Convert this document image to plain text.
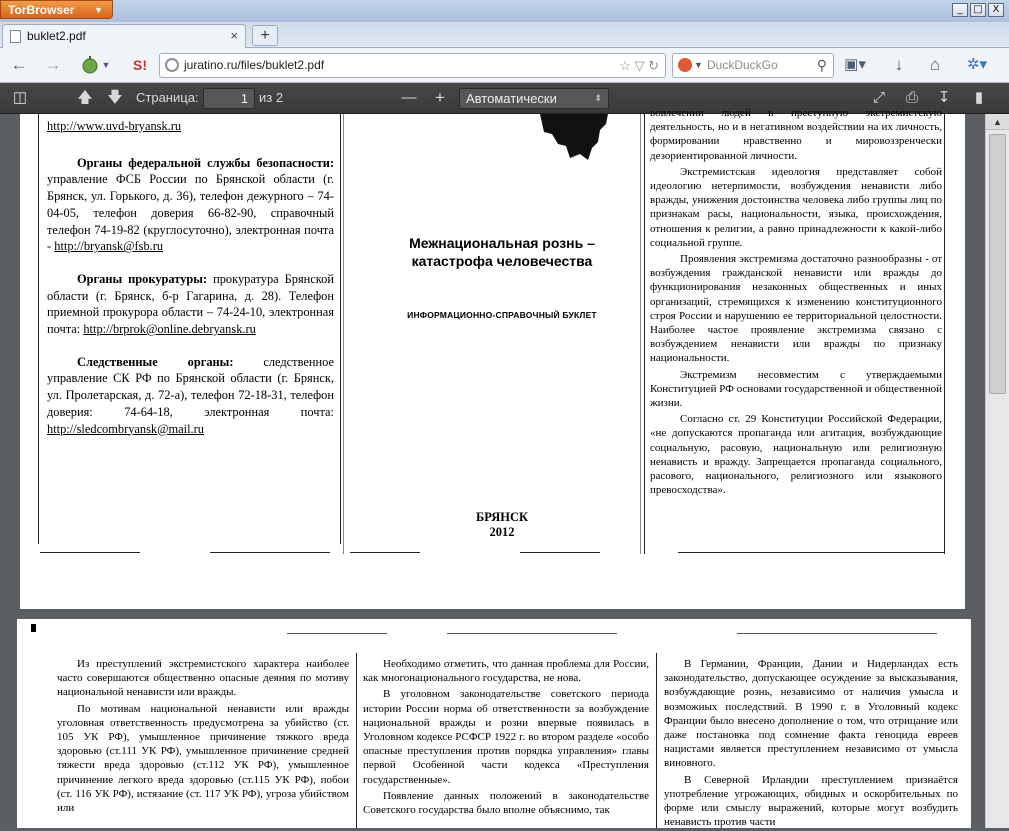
TorBrowser ▼	_	□ X
buklet2.pdf	×	+
← →	▼ S!	juratino.ru/files/buklet2.pdf	☆ ▽ ↻	▼ DuckDuckGo	⚲ ▣▾	↓	⌂	✲▾
◫	🡅 🡇 Страница:	1 из 2	— +	Автоматически	⬍	⤢ ⎙ ↧	▮

http://www.uvd-bryansk.ru

Органы федеральной службы безопасности: управление ФСБ России по Брянской области (г. Брянск, ул. Горького, д. 36), телефон дежурного – 74-04-05, телефон доверия 66-82-90, справочный телефон 74-19-82 (круглосуточно), электронная почта - http://bryansk@fsb.ru

Органы прокуратуры: прокуратура Брянской области (г. Брянск, б-р Гагарина, д. 28). Телефон приемной прокурора области – 74-24-10, электронная почта: http://brprok@online.debryansk.ru

Следственные органы: следственное управление СК РФ по Брянской области (г. Брянск, ул. Пролетарская, д. 72-а), телефон 72-18-31, телефон доверия: 74-64-18, электронная почта: http://sledcombryansk@mail.ru

Межнациональная рознь –
катастрофа человечества
ИНФОРМАЦИОННО-СПРАВОЧНЫЙ БУКЛЕТ
БРЯНСК
2012

вовлечении людей в преступную экстремистскую деятельность, но и в негативном воздействии на их личность, формировании нравственно и мировоззренчески дезориентированной личности.

Экстремистская идеология представляет собой идеологию нетерпимости, возбуждения ненависти либо вражды, унижения достоинства человека либо группы лиц по признакам расы, национальности, языка, происхождения, отношения к религии, а равно принадлежности к какой-либо социальной группе.

Проявления экстремизма достаточно разнообразны - от возбуждения гражданской ненависти или вражды до функционирования незаконных общественных и иных организаций, стремящихся к изменению конституционного строя России и нарушению ее территориальной целостности. Наиболее частое проявление экстремизма связано с возбуждением ненависти или вражды по признаку национальности.

Экстремизм несовместим с утверждаемыми Конституцией РФ основами государственной и общественной жизни.

Согласно ст. 29 Конституции Российской Федерации, «не допускаются пропаганда или агитация, возбуждающие социальную, расовую, национальную или религиозную ненависть и вражду. Запрещается пропаганда социального, расового, национального, религиозного или языкового превосходства».

Из преступлений экстремистского характера наиболее часто совершаются общественно опасные деяния по мотиву национальной ненависти или вражды.

По мотивам национальной ненависти или вражды уголовная ответственность предусмотрена за убийство (ст. 105 УК РФ), умышленное причинение тяжкого вреда здоровью (ст.111 УК РФ), умышленное причинение средней тяжести вреда здоровью (ст.112 УК РФ), умышленное причинение легкого вреда здоровью (ст.115 УК РФ), побои (ст. 116 УК РФ), истязание (ст. 117 УК РФ), угроза убийством или

Необходимо отметить, что данная проблема для России, как многонациональногo государства, не нова.

В уголовном законодательстве советского периода истории России норма об ответственности за возбуждение национальной вражды и розни впервые появилась в Уголовном кодексе РСФСР 1922 г. во втором разделе «особо опасные преступления против порядка управления» главы первой Особенной части кодекса «Преступления государственные».

Появление данных положений в законодательстве Советского государства было вполне объяснимо, так

В Германии, Франции, Дании и Нидерландах есть законодательство, допускающее осуждение за высказывания, возбуждающие рознь, независимо от наличия умысла и возможных последствий. В 1990 г. в Уголовный кодекс Франции было внесено дополнение о том, что отрицание или даже постановка под сомнение факта геноцида евреев нацистами является преступлением независимо от умысла виновного.

В Северной Ирландии преступлением признаётся употребление угрожающих, обидных и оскорбительных по форме или смыслу выражений, которые могут возбудить ненависть против части

▲
